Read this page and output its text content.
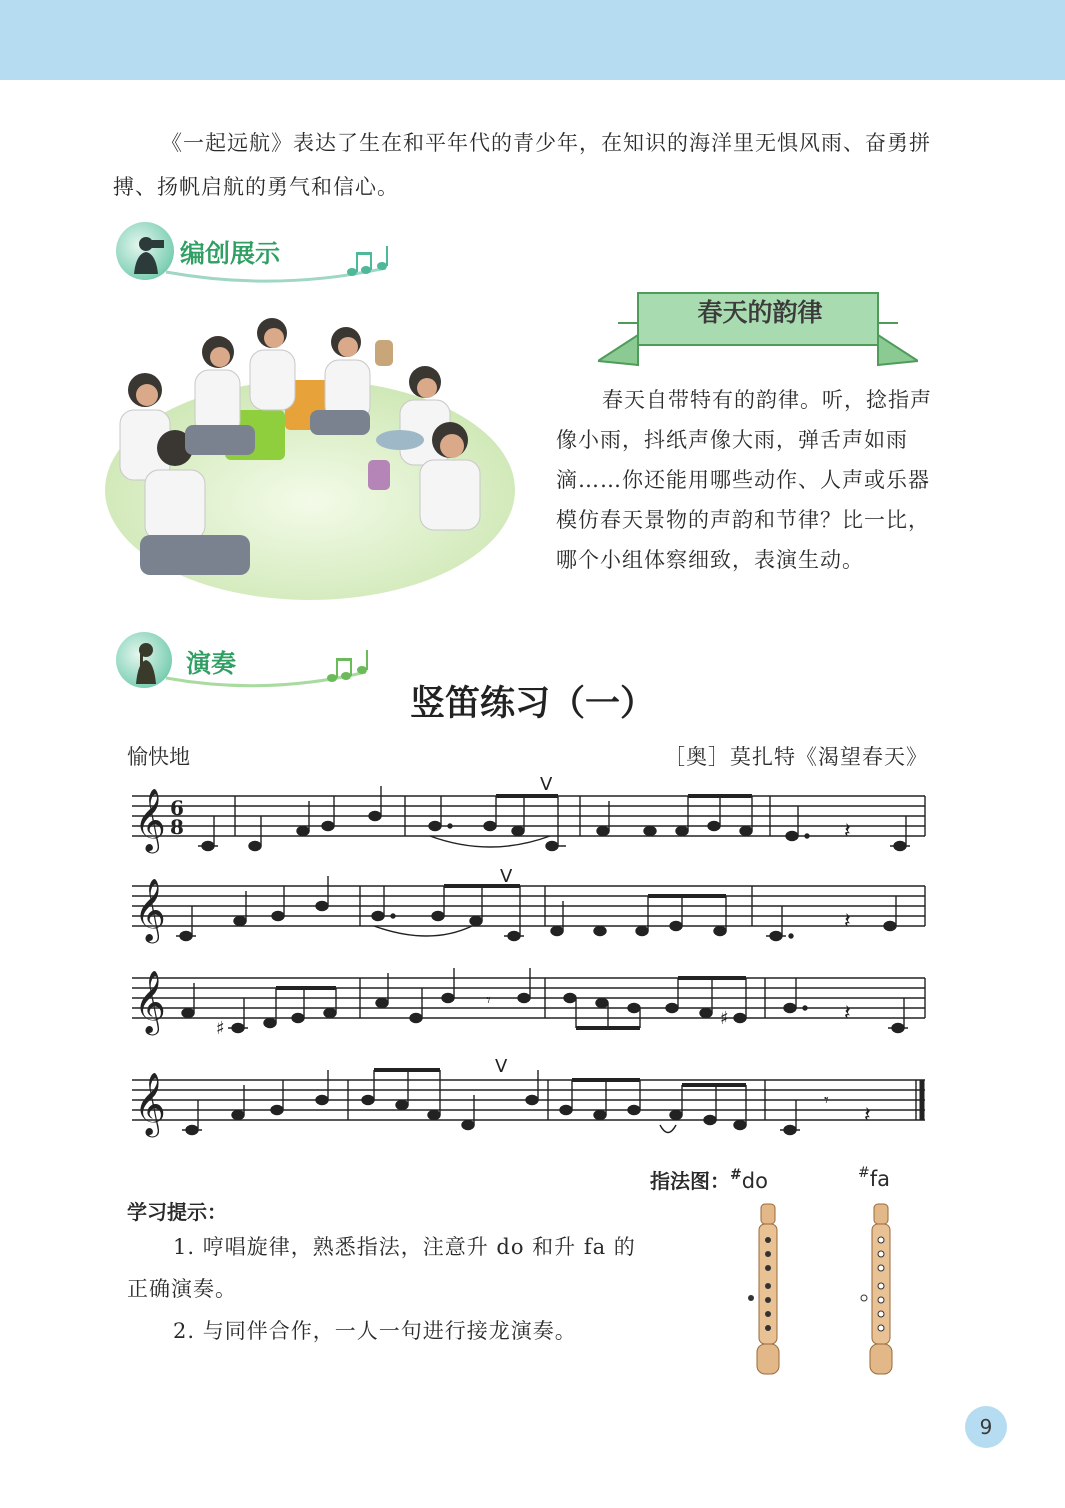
《一起远航》表达了生在和平年代的青少年，在知识的海洋里无惧风雨、奋勇拼搏、扬帆启航的勇气和信心。
编创展示
春天的韵律
春天自带特有的韵律。听，捻指声像小雨，抖纸声像大雨，弹舌声如雨滴……你还能用哪些动作、人声或乐器模仿春天景物的声韵和节律？比一比，哪个小组体察细致，表演生动。
演奏
竖笛练习（一）
愉快地	［奥］莫扎特《渴望春天》
𝄞
𝄞
𝄞
𝄞
6
8
V
V
V
𝄽
𝄽
𝄽
𝄽
𝄾
𝄾
♯	♯
指法图：#do	#fa
学习提示：
1. 哼唱旋律，熟悉指法，注意升 do 和升 fa 的正确演奏。
2. 与同伴合作，一人一句进行接龙演奏。
9
